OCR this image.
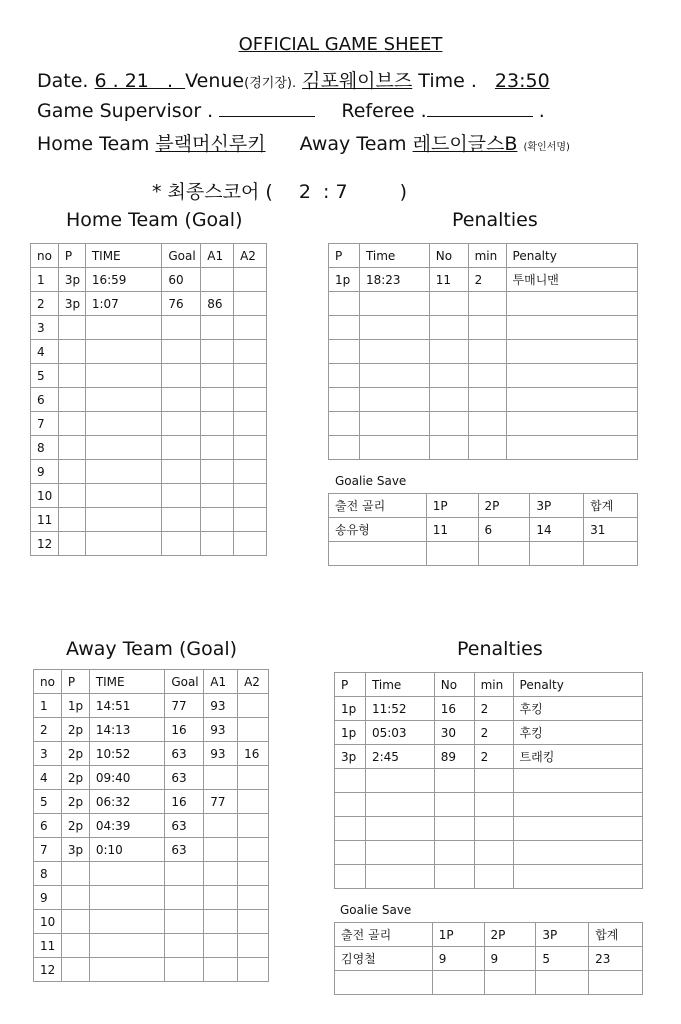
OFFICIAL GAME SHEET
Date. 6 . 21   .  Venue(경기장). 김포웨이브즈 Time . 23:50
Game Supervisor .	Referee .	.
Home Team 블랙머신루키 Away Team 레드이글스B (확인서명)
* 최종스코어 ( 2  : 7	)
Home Team (Goal)	Penalties
no	P	TIME	Goal	A1	A2
1	3p	16:59	60		
2	3p	1:07	76	86	
3					
4					
5					
6					
7					
8					
9					
10					
11					
12					
P	Time	No	min	Penalty
1p	18:23	11	2	투매니맨

Goalie Save
출전 골리	1P	2P	3P	합계
송유형	11	6	14	31

Away Team (Goal)	Penalties
no	P	TIME	Goal	A1	A2
1	1p	14:51	77	93	
2	2p	14:13	16	93	
3	2p	10:52	63	93	16
4	2p	09:40	63		
5	2p	06:32	16	77	
6	2p	04:39	63		
7	3p	0:10	63		
8					
9					
10					
11					
12					
P	Time	No	min	Penalty
1p	11:52	16	2	후킹
1p	05:03	30	2	후킹
3p	2:45	89	2	트래킹

Goalie Save
출전 골리	1P	2P	3P	합계
김영철	9	9	5	23
